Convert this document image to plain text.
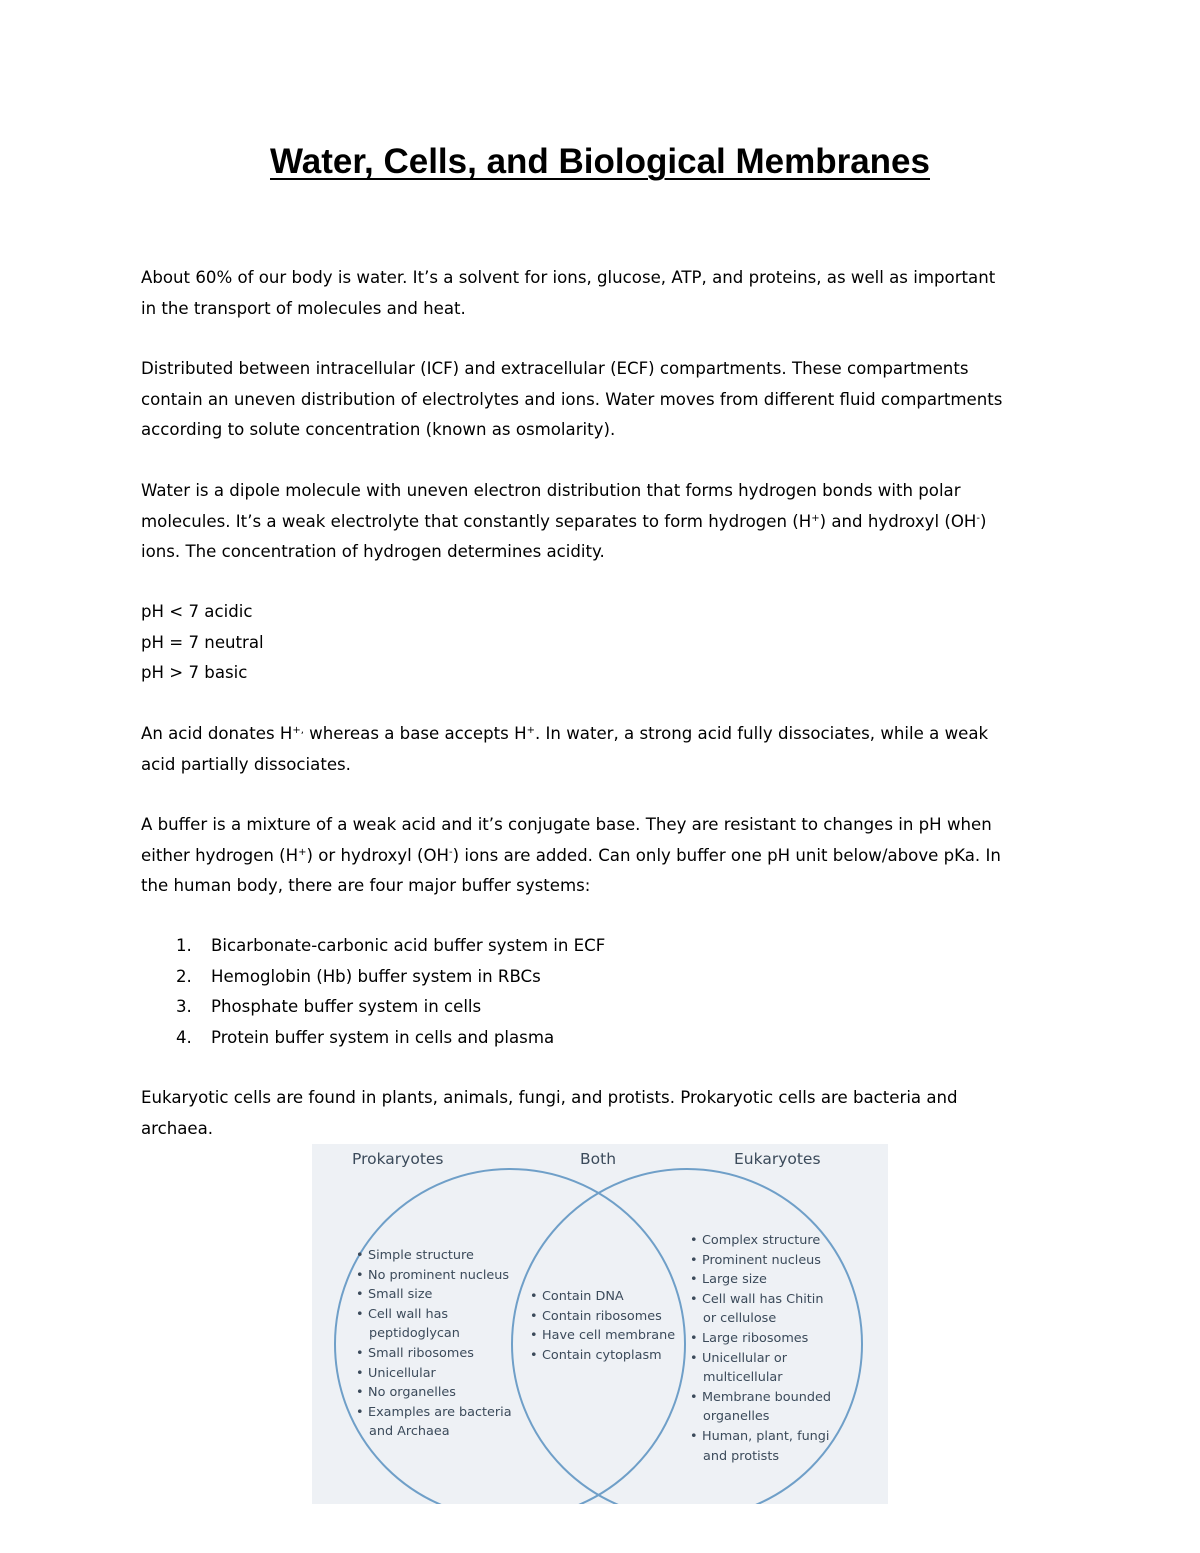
Water, Cells, and Biological Membranes
About 60% of our body is water. It’s a solvent for ions, glucose, ATP, and proteins, as well as important
in the transport of molecules and heat.
Distributed between intracellular (ICF) and extracellular (ECF) compartments. These compartments
contain an uneven distribution of electrolytes and ions. Water moves from different fluid compartments
according to solute concentration (known as osmolarity).
Water is a dipole molecule with uneven electron distribution that forms hydrogen bonds with polar
molecules. It’s a weak electrolyte that constantly separates to form hydrogen (H+) and hydroxyl (OH-)
ions. The concentration of hydrogen determines acidity.
pH < 7 acidic
pH = 7 neutral
pH > 7 basic
An acid donates H+, whereas a base accepts H+. In water, a strong acid fully dissociates, while a weak
acid partially dissociates.
A buffer is a mixture of a weak acid and it’s conjugate base. They are resistant to changes in pH when
either hydrogen (H+) or hydroxyl (OH-) ions are added. Can only buffer one pH unit below/above pKa. In
the human body, there are four major buffer systems:
1.	Bicarbonate-carbonic acid buffer system in ECF
2.	Hemoglobin (Hb) buffer system in RBCs
3.	Phosphate buffer system in cells
4.	Protein buffer system in cells and plasma
Eukaryotic cells are found in plants, animals, fungi, and protists. Prokaryotic cells are bacteria and
archaea.
Prokaryotes	Both	Eukaryotes
• Simple structure
• No prominent nucleus
• Small size
• Cell wall has
peptidoglycan
• Small ribosomes
• Unicellular
• No organelles
• Examples are bacteria
and Archaea
• Contain DNA
• Contain ribosomes
• Have cell membrane
• Contain cytoplasm
• Complex structure
• Prominent nucleus
• Large size
• Cell wall has Chitin
or cellulose
• Large ribosomes
• Unicellular or
multicellular
• Membrane bounded
organelles
• Human, plant, fungi
and protists
